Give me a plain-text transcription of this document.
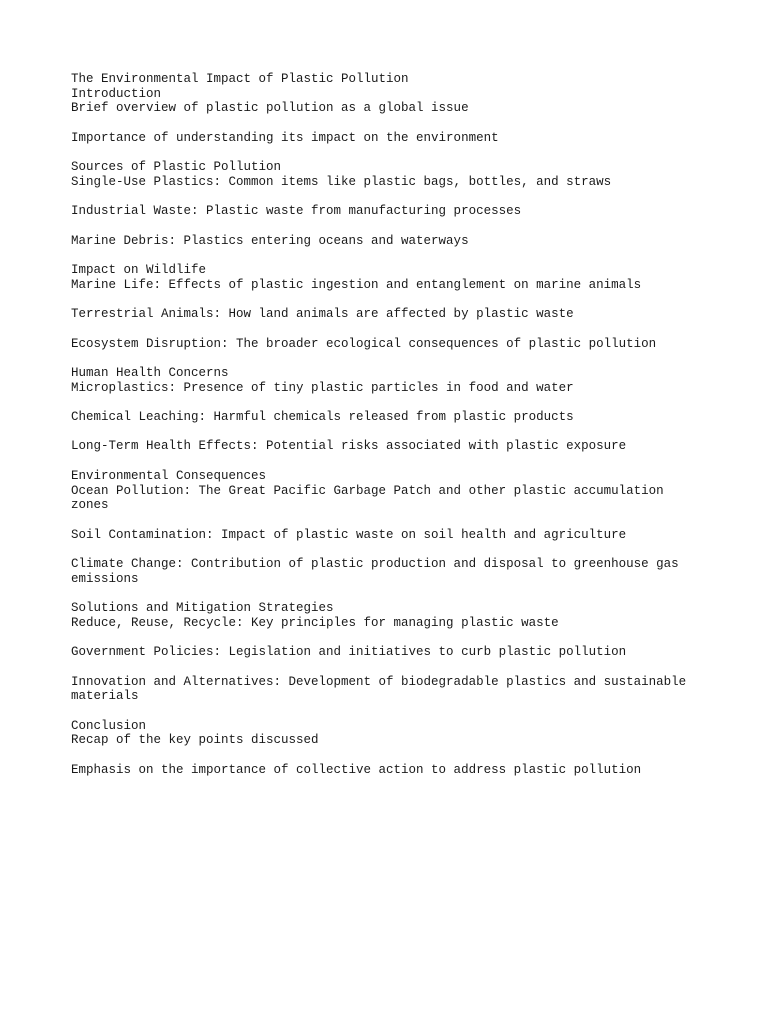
The Environmental Impact of Plastic Pollution
Introduction
Brief overview of plastic pollution as a global issue
Importance of understanding its impact on the environment
Sources of Plastic Pollution
Single-Use Plastics: Common items like plastic bags, bottles, and straws
Industrial Waste: Plastic waste from manufacturing processes
Marine Debris: Plastics entering oceans and waterways
Impact on Wildlife
Marine Life: Effects of plastic ingestion and entanglement on marine animals
Terrestrial Animals: How land animals are affected by plastic waste
Ecosystem Disruption: The broader ecological consequences of plastic pollution
Human Health Concerns
Microplastics: Presence of tiny plastic particles in food and water
Chemical Leaching: Harmful chemicals released from plastic products
Long-Term Health Effects: Potential risks associated with plastic exposure
Environmental Consequences
Ocean Pollution: The Great Pacific Garbage Patch and other plastic accumulation zones
Soil Contamination: Impact of plastic waste on soil health and agriculture
Climate Change: Contribution of plastic production and disposal to greenhouse gas emissions
Solutions and Mitigation Strategies
Reduce, Reuse, Recycle: Key principles for managing plastic waste
Government Policies: Legislation and initiatives to curb plastic pollution
Innovation and Alternatives: Development of biodegradable plastics and sustainable materials
Conclusion
Recap of the key points discussed
Emphasis on the importance of collective action to address plastic pollution
